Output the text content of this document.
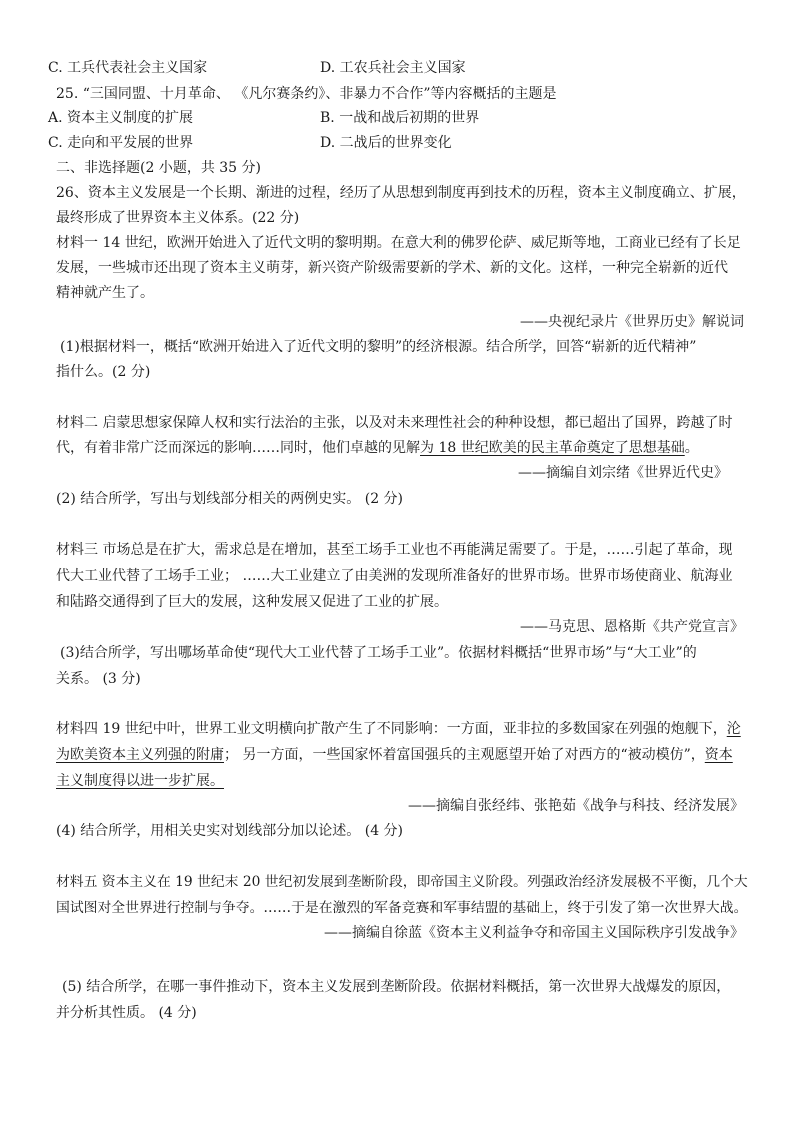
C. 工兵代表社会主义国家	D. 工农兵社会主义国家
25. “三国同盟、十月革命、 《凡尔赛条约》、非暴力不合作”等内容概括的主题是
A. 资本主义制度的扩展	B. 一战和战后初期的世界
C. 走向和平发展的世界	D. 二战后的世界变化
二、非选择题(2 小题，共 35 分)
26、资本主义发展是一个长期、渐进的过程，经历了从思想到制度再到技术的历程，资本主义制度确立、扩展，
最终形成了世界资本主义体系。(22 分)
材料一 14 世纪，欧洲开始进入了近代文明的黎明期。在意大利的佛罗伦萨、威尼斯等地，工商业已经有了长足
发展，一些城市还出现了资本主义萌芽，新兴资产阶级需要新的学术、新的文化。这样，一种完全崭新的近代
精神就产生了。
——央视纪录片《世界历史》解说词
(1)根据材料一，概括“欧洲开始进入了近代文明的黎明”的经济根源。结合所学，回答“崭新的近代精神”
指什么。(2 分)
材料二 启蒙思想家保障人权和实行法治的主张，以及对未来理性社会的种种设想，都已超出了国界，跨越了时
代，有着非常广泛而深远的影响……同时，他们卓越的见解为 18 世纪欧美的民主革命奠定了思想基础。
——摘编自刘宗绪《世界近代史》
(2) 结合所学，写出与划线部分相关的两例史实。 (2 分)
材料三 市场总是在扩大，需求总是在增加，甚至工场手工业也不再能满足需要了。于是，……引起了革命，现
代大工业代替了工场手工业； ……大工业建立了由美洲的发现所准备好的世界市场。世界市场使商业、航海业
和陆路交通得到了巨大的发展，这种发展又促进了工业的扩展。
——马克思、恩格斯《共产党宣言》
(3)结合所学，写出哪场革命使“现代大工业代替了工场手工业”。依据材料概括“世界市场”与“大工业”的
关系。 (3 分)
材料四 19 世纪中叶，世界工业文明横向扩散产生了不同影响：一方面，亚非拉的多数国家在列强的炮舰下，沦
为欧美资本主义列强的附庸； 另一方面，一些国家怀着富国强兵的主观愿望开始了对西方的“被动模仿”，资本
主义制度得以进一步扩展。
——摘编自张经纬、张艳茹《战争与科技、经济发展》
(4) 结合所学，用相关史实对划线部分加以论述。 (4 分)
材料五 资本主义在 19 世纪末 20 世纪初发展到垄断阶段，即帝国主义阶段。列强政治经济发展极不平衡，几个大
国试图对全世界进行控制与争夺。……于是在激烈的军备竞赛和军事结盟的基础上，终于引发了第一次世界大战。
——摘编自徐蓝《资本主义利益争夺和帝国主义国际秩序引发战争》
(5) 结合所学，在哪一事件推动下，资本主义发展到垄断阶段。依据材料概括，第一次世界大战爆发的原因，
并分析其性质。 (4 分)
